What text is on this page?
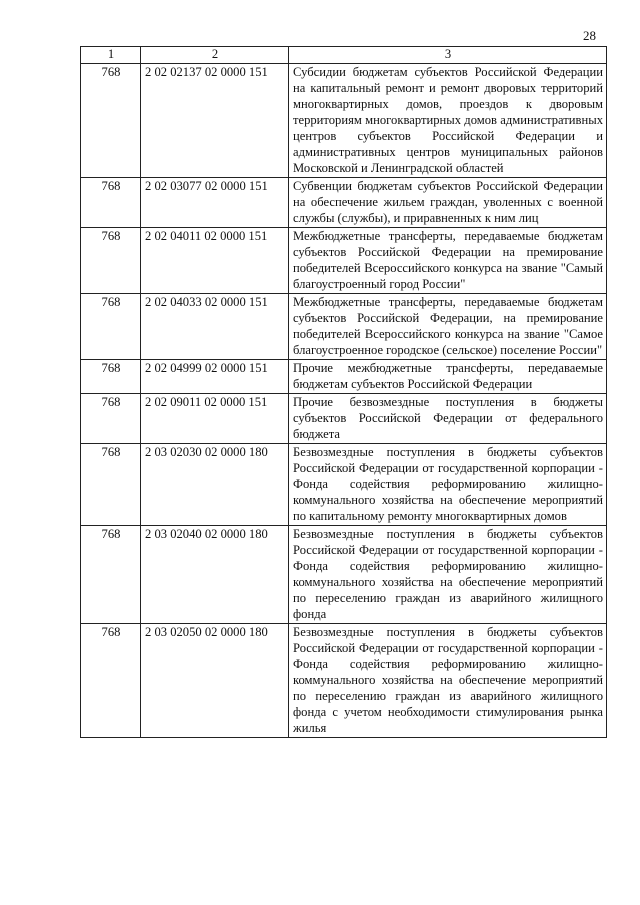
28
1	2	3
768	2 02 02137 02 0000 151	Субсидии бюджетам субъектов Российской Федерации на капитальный ремонт и ремонт дворовых территорий многоквартирных домов, проездов к дворовым территориям многоквартирных домов административных центров субъектов Российской Федерации и административных центров муниципальных районов Московской и Ленинградской областей
768	2 02 03077 02 0000 151	Субвенции бюджетам субъектов Российской Федерации на обеспечение жильем граждан, уволенных с военной службы (службы), и приравненных к ним лиц
768	2 02 04011 02 0000 151	Межбюджетные трансферты, передаваемые бюджетам субъектов Российской Федерации на премирование победителей Всероссийского конкурса на звание "Самый благоустроенный город России"
768	2 02 04033 02 0000 151	Межбюджетные трансферты, передаваемые бюджетам субъектов Российской Федерации, на премирование победителей Всероссийского конкурса на звание "Самое благоустроенное городское (сельское) поселение России"
768	2 02 04999 02 0000 151	Прочие межбюджетные трансферты, передаваемые бюджетам субъектов Российской Федерации
768	2 02 09011 02 0000 151	Прочие безвозмездные поступления в бюджеты субъектов Российской Федерации от федерального бюджета
768	2 03 02030 02 0000 180	Безвозмездные поступления в бюджеты субъектов Российской Федерации от государственной корпорации - Фонда содействия реформированию жилищно-коммунального хозяйства на обеспечение мероприятий по капитальному ремонту многоквартирных домов
768	2 03 02040 02 0000 180	Безвозмездные поступления в бюджеты субъектов Российской Федерации от государственной корпорации - Фонда содействия реформированию жилищно-коммунального хозяйства на обеспечение мероприятий по переселению граждан из аварийного жилищного фонда
768	2 03 02050 02 0000 180	Безвозмездные поступления в бюджеты субъектов Российской Федерации от государственной корпорации - Фонда содействия реформированию жилищно-коммунального хозяйства на обеспечение мероприятий по переселению граждан из аварийного жилищного фонда с учетом необходимости стимулирования рынка жилья
